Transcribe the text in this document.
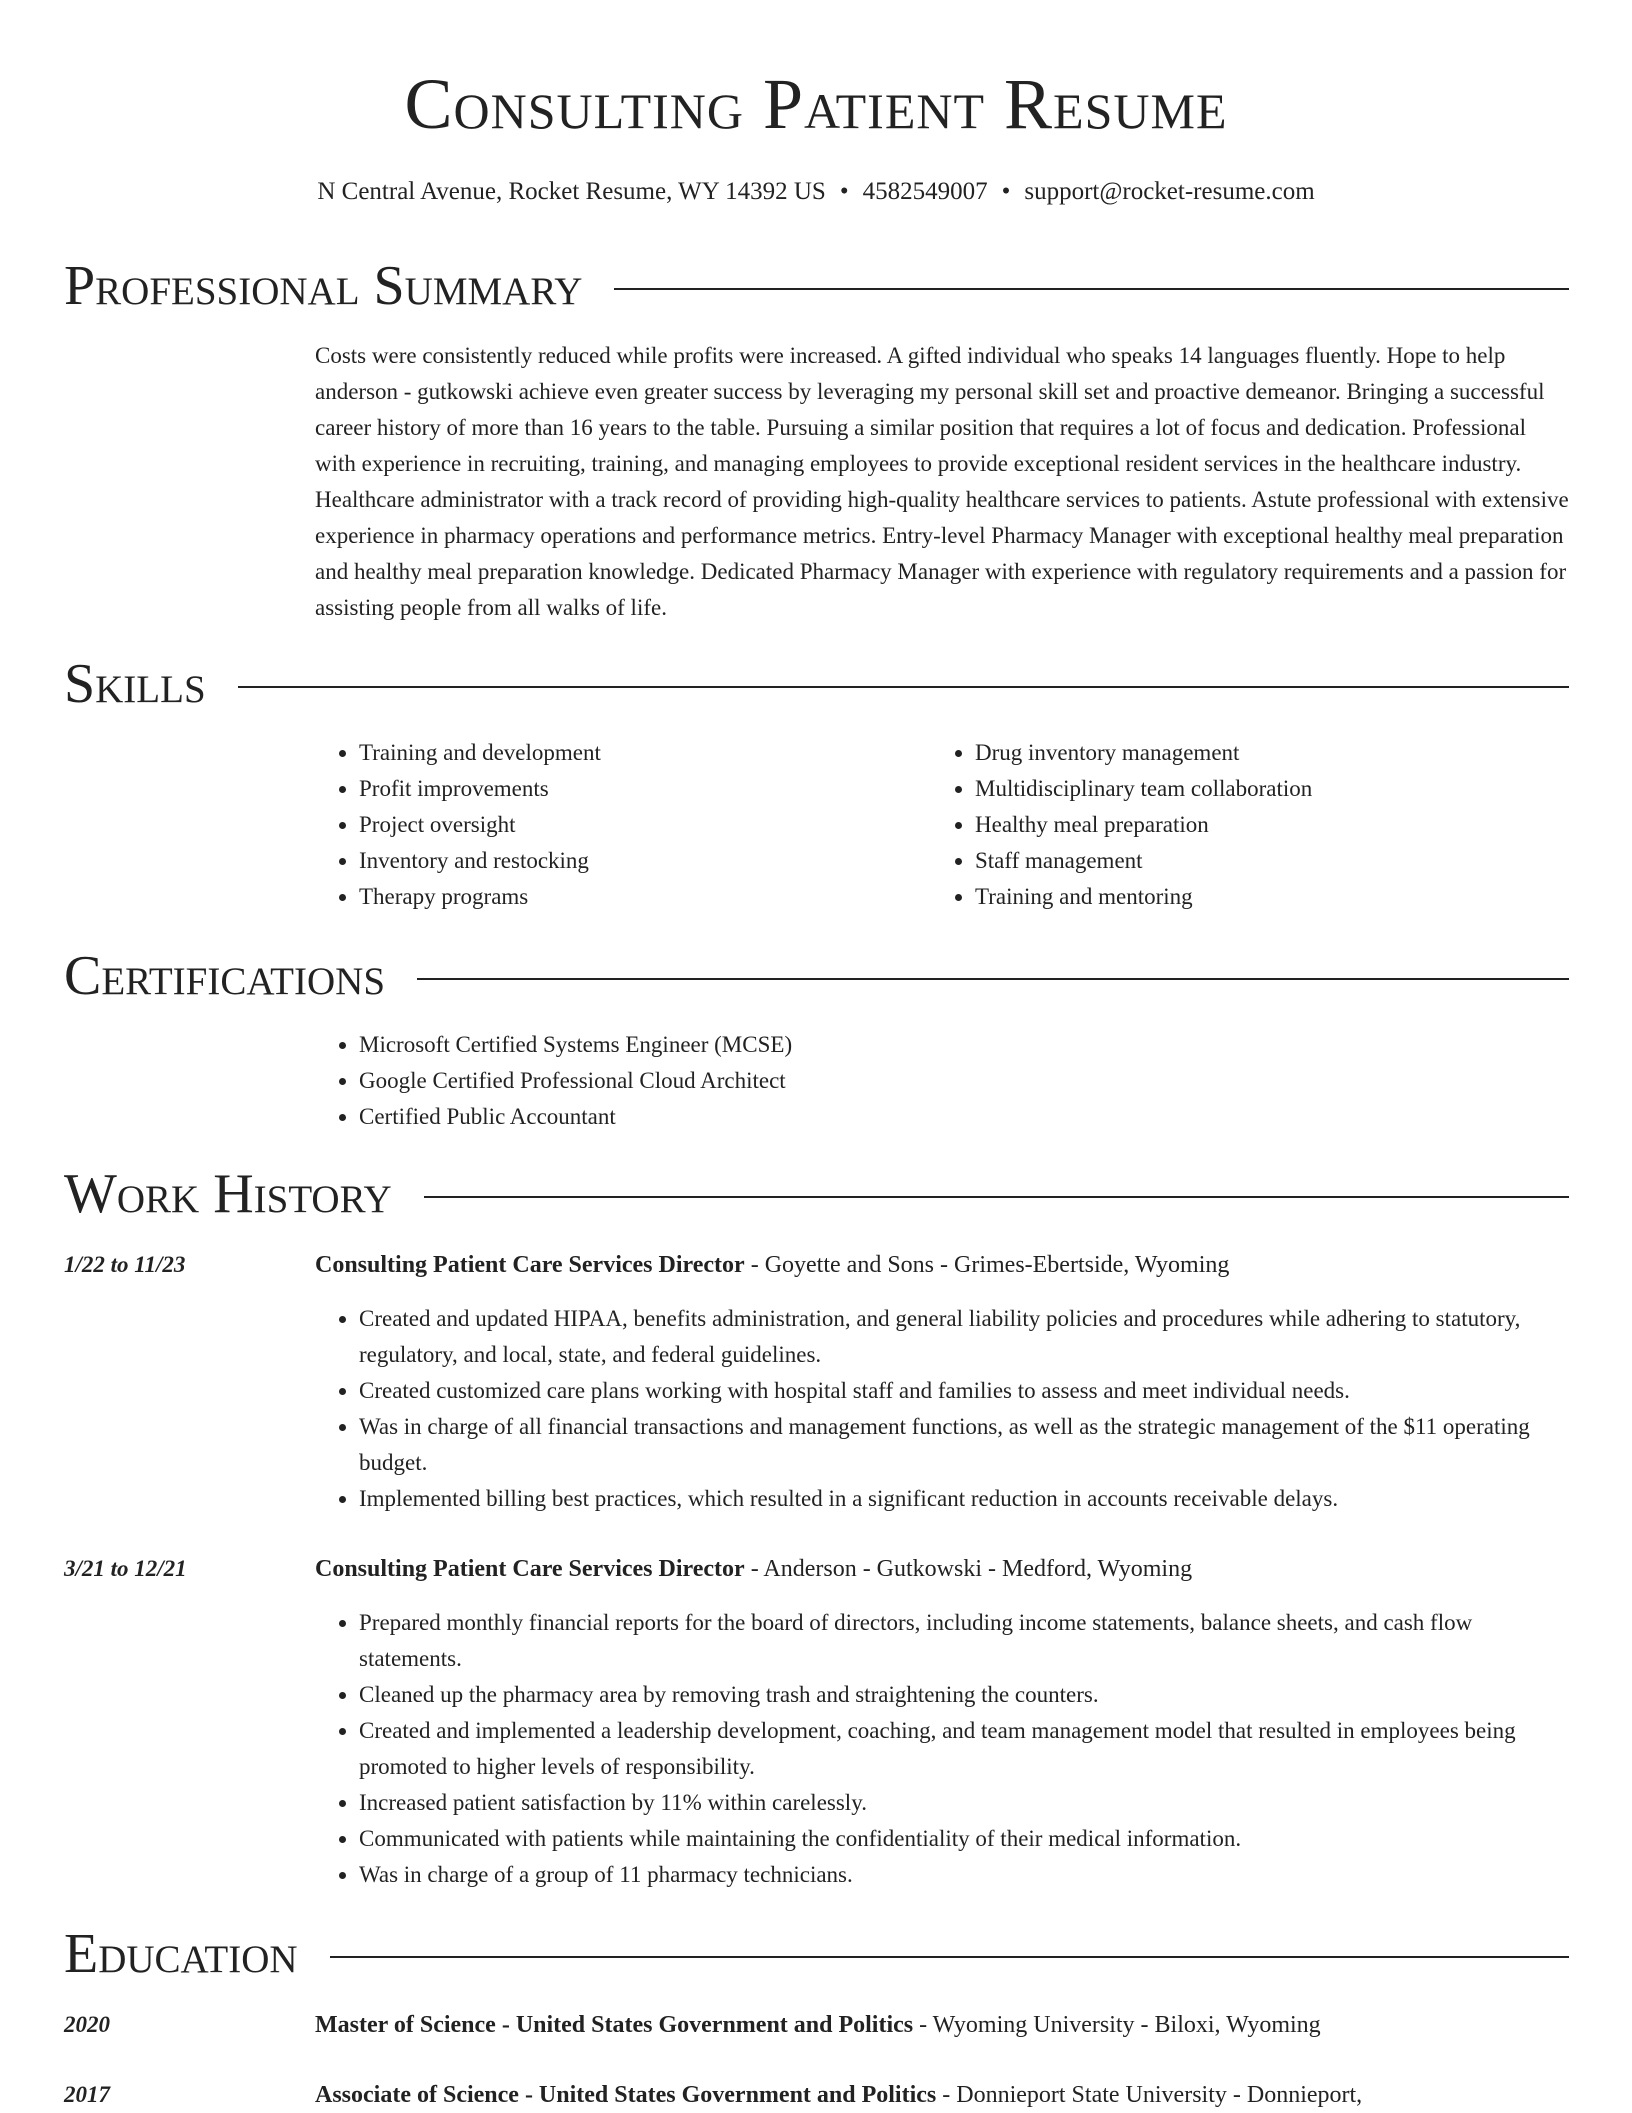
Consulting Patient Resume
N Central Avenue, Rocket Resume, WY 14392 US • 4582549007 • support@rocket-resume.com
Professional Summary

Costs were consistently reduced while profits were increased. A gifted individual who speaks 14 languages fluently. Hope to help anderson - gutkowski achieve even greater success by leveraging my personal skill set and proactive demeanor. Bringing a successful career history of more than 16 years to the table. Pursuing a similar position that requires a lot of focus and dedication. Professional with experience in recruiting, training, and managing employees to provide exceptional resident services in the healthcare industry. Healthcare administrator with a track record of providing high-quality healthcare services to patients. Astute professional with extensive experience in pharmacy operations and performance metrics. Entry-level Pharmacy Manager with exceptional healthy meal preparation and healthy meal preparation knowledge. Dedicated Pharmacy Manager with experience with regulatory requirements and a passion for assisting people from all walks of life.

Skills
• Training and development
• Profit improvements
• Project oversight
• Inventory and restocking
• Therapy programs
• Drug inventory management
• Multidisciplinary team collaboration
• Healthy meal preparation
• Staff management
• Training and mentoring
Certifications
• Microsoft Certified Systems Engineer (MCSE)
• Google Certified Professional Cloud Architect
• Certified Public Accountant
Work History
1/22 to 11/23	Consulting Patient Care Services Director - Goyette and Sons - Grimes-Ebertside, Wyoming
• Created and updated HIPAA, benefits administration, and general liability policies and procedures while adhering to statutory, regulatory, and local, state, and federal guidelines.
• Created customized care plans working with hospital staff and families to assess and meet individual needs.
• Was in charge of all financial transactions and management functions, as well as the strategic management of the $11 operating budget.
• Implemented billing best practices, which resulted in a significant reduction in accounts receivable delays.
3/21 to 12/21	Consulting Patient Care Services Director - Anderson - Gutkowski - Medford, Wyoming
• Prepared monthly financial reports for the board of directors, including income statements, balance sheets, and cash flow statements.
• Cleaned up the pharmacy area by removing trash and straightening the counters.
• Created and implemented a leadership development, coaching, and team management model that resulted in employees being promoted to higher levels of responsibility.
• Increased patient satisfaction by 11% within carelessly.
• Communicated with patients while maintaining the confidentiality of their medical information.
• Was in charge of a group of 11 pharmacy technicians.
Education
2020	Master of Science - United States Government and Politics - Wyoming University - Biloxi, Wyoming
2017	Associate of Science - United States Government and Politics - Donnieport State University - Donnieport,
